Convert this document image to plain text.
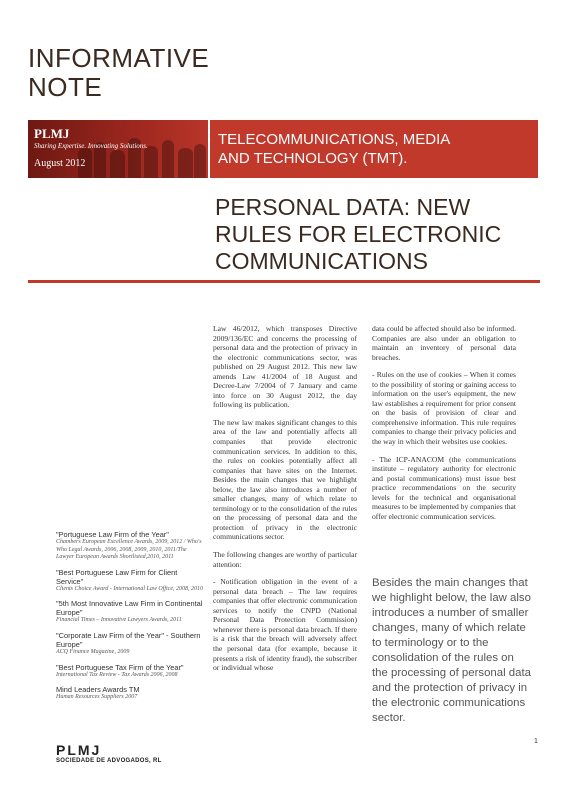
INFORMATIVE
NOTE
PLMJ
Sharing Expertise. Innovating Solutions.
August 2012
TELECOMMUNICATIONS, MEDIA
AND TECHNOLOGY (TMT).
PERSONAL DATA: NEW
RULES FOR ELECTRONIC
COMMUNICATIONS

Law 46/2012, which transposes Directive 2009/136/EC and concerns the processing of personal data and the protection of privacy in the electronic communications sector, was published on 29 August 2012. This new law amends Law 41/2004 of 18 August and Decree-Law 7/2004 of 7 January and came into force on 30 August 2012, the day following its publication.

The new law makes significant changes to this area of the law and potentially affects all companies that provide electronic communication services. In addition to this, the rules on cookies potentially affect all companies that have sites on the Internet. Besides the main changes that we highlight below, the law also introduces a number of smaller changes, many of which relate to terminology or to the consolidation of the rules on the processing of personal data and the protection of privacy in the electronic communications sector.

The following changes are worthy of particular attention:

- Notification obligation in the event of a personal data breach – The law requires companies that offer electronic communication services to notify the CNPD (National Personal Data Protection Commission) whenever there is personal data breach. If there is a risk that the breach will adversely affect the personal data (for example, because it presents a risk of identity fraud), the subscriber or individual whose

data could be affected should also be informed. Companies are also under an obligation to maintain an inventory of personal data breaches.

- Rules on the use of cookies – When it comes to the possibility of storing or gaining access to information on the user's equipment, the new law establishes a requirement for prior consent on the basis of provision of clear and comprehensive information. This rule requires companies to change their privacy policies and the way in which their websites use cookies.

- The ICP-ANACOM (the communications institute – regulatory authority for electronic and postal communications) must issue best practice recommendations on the security levels for the technical and organisational measures to be implemented by companies that offer electronic communication services.

Besides the main changes that we highlight below, the law also introduces a number of smaller changes, many of which relate to terminology or to the consolidation of the rules on the processing of personal data and the protection of privacy in the electronic communications sector.
"Portuguese Law Firm of the Year"
Chambers European Excellence Awards, 2009, 2012 / Who's Who Legal Awards, 2006, 2008, 2009, 2010, 2011/The Lawyer European Awards Shortlisted,2010, 2011
"Best Portuguese Law Firm for Client Service"
Clients Choice Award - International Law Office, 2008, 2010
"5th Most Innovative Law Firm in Continental Europe"
Financial Times – Innovative Lawyers Awards, 2011
"Corporate Law Firm of the Year" - Southern Europe"
ACQ Finance Magazine, 2009
"Best Portuguese Tax Firm of the Year"
International Tax Review - Tax Awards 2006, 2008
Mind Leaders Awards TM
Human Resources Suppliers 2007
PLMJ
SOCIEDADE DE ADVOGADOS, RL
1
